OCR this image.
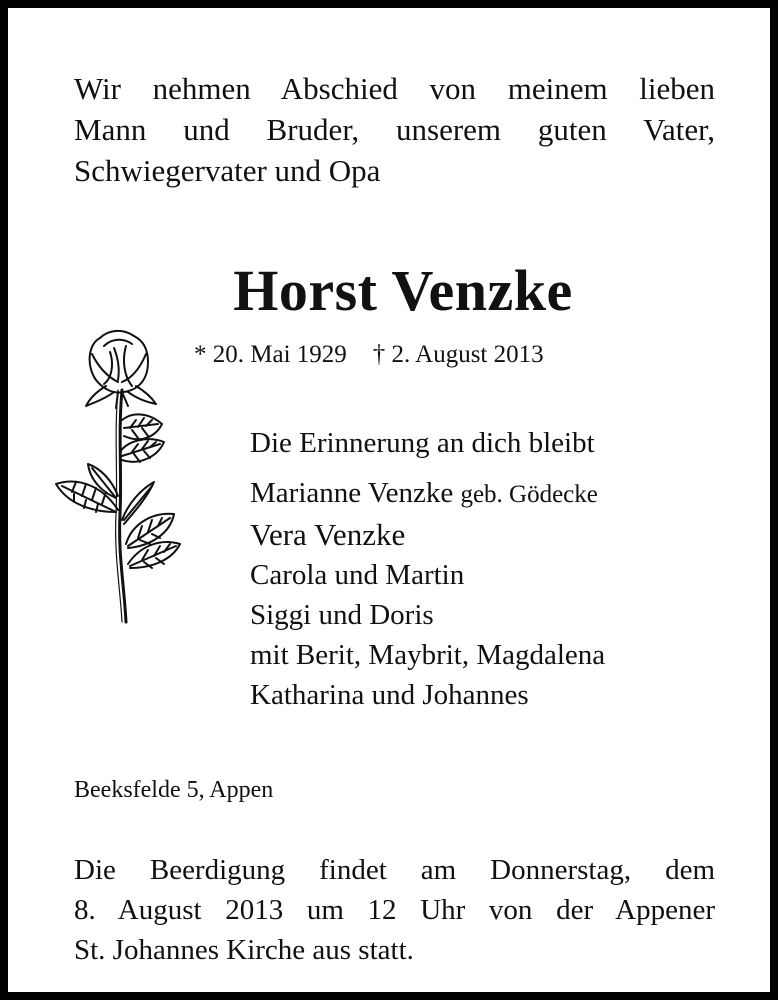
Wir nehmen Abschied von meinem lieben
Mann und Bruder, unserem guten Vater,
Schwiegervater und Opa
Horst Venzke
* 20. Mai 1929 † 2. August 2013
Die Erinnerung an dich bleibt
Marianne Venzke geb. Gödecke
Vera Venzke
Carola und Martin
Siggi und Doris
mit Berit, Maybrit, Magdalena
Katharina und Johannes
Beeksfelde 5, Appen
Die Beerdigung findet am Donnerstag, dem
8. August 2013 um 12 Uhr von der Appener
St. Johannes Kirche aus statt.
